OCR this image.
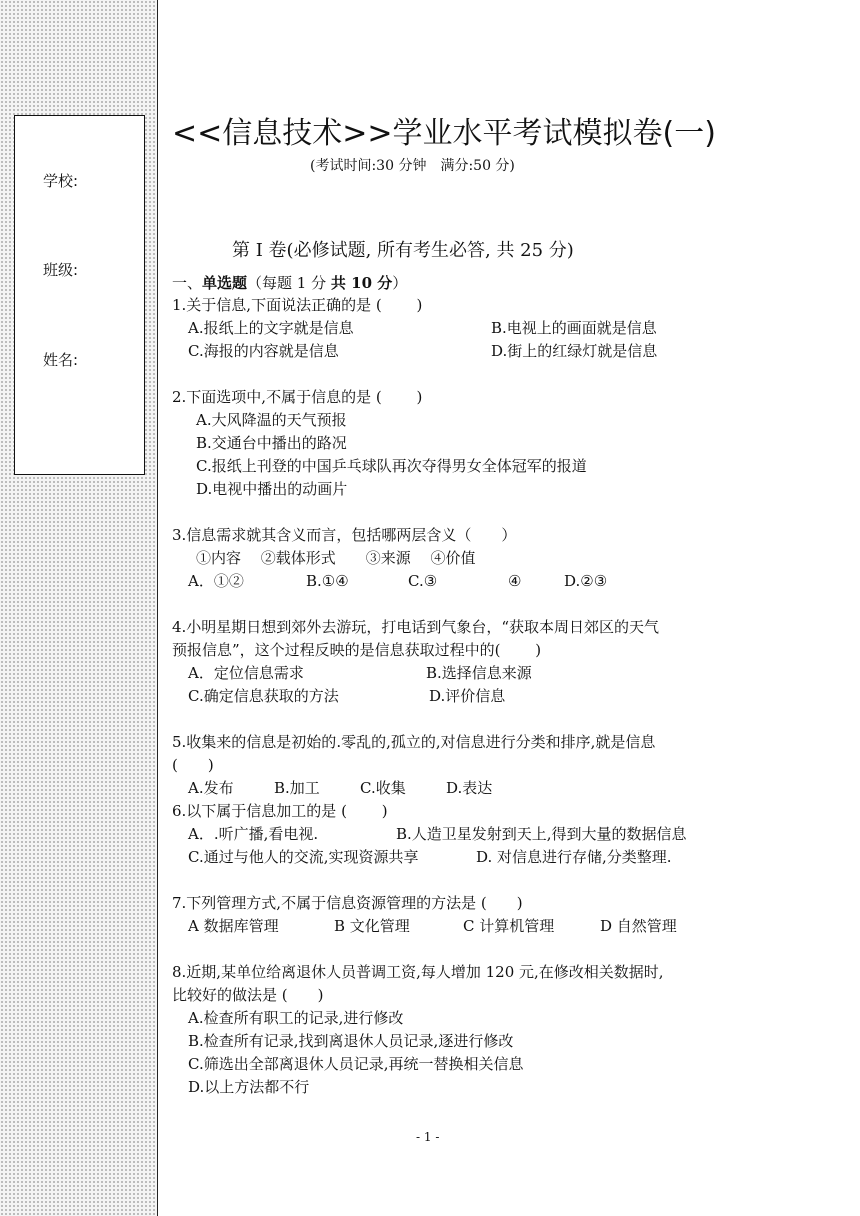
学校:
班级:
姓名:
<<信息技术>>学业水平考试模拟卷(一)
(考试时间:30 分钟　满分:50 分)
第 I 卷(必修试题, 所有考生必答, 共 25 分)
一、单选题（每题 1 分 共 10 分）
1.关于信息,下面说法正确的是 (　　 )
A.报纸上的文字就是信息	B.电视上的画面就是信息
C.海报的内容就是信息	D.街上的红绿灯就是信息
2.下面选项中,不属于信息的是 (　　 )
A.大风降温的天气预报
B.交通台中播出的路况
C.报纸上刊登的中国乒乓球队再次夺得男女全体冠军的报道
D.电视中播出的动画片
3.信息需求就其含义而言，包括哪两层含义（　　）
①内容　 ②载体形式　　③来源　 ④价值
A．①②	B.①④	C.③	④	D.②③
4.小明星期日想到郊外去游玩，打电话到气象台，“获取本周日郊区的天气
预报信息”，这个过程反映的是信息获取过程中的(　　 )
A．定位信息需求	B.选择信息来源
C.确定信息获取的方法	D.评价信息
5.收集来的信息是初始的.零乱的,孤立的,对信息进行分类和排序,就是信息
(　　)
A.发布	B.加工	C.收集	D.表达
6.以下属于信息加工的是 (　　 )
A．.听广播,看电视.	B.人造卫星发射到天上,得到大量的数据信息
C.通过与他人的交流,实现资源共享	D. 对信息进行存储,分类整理.
7.下列管理方式,不属于信息资源管理的方法是 (　　)
A 数据库管理	B 文化管理	C 计算机管理	D 自然管理
8.近期,某单位给离退休人员普调工资,每人增加 120 元,在修改相关数据时,
比较好的做法是 (　　)
A.检查所有职工的记录,进行修改
B.检查所有记录,找到离退休人员记录,逐进行修改
C.筛选出全部离退休人员记录,再统一替换相关信息
D.以上方法都不行
- 1 -
